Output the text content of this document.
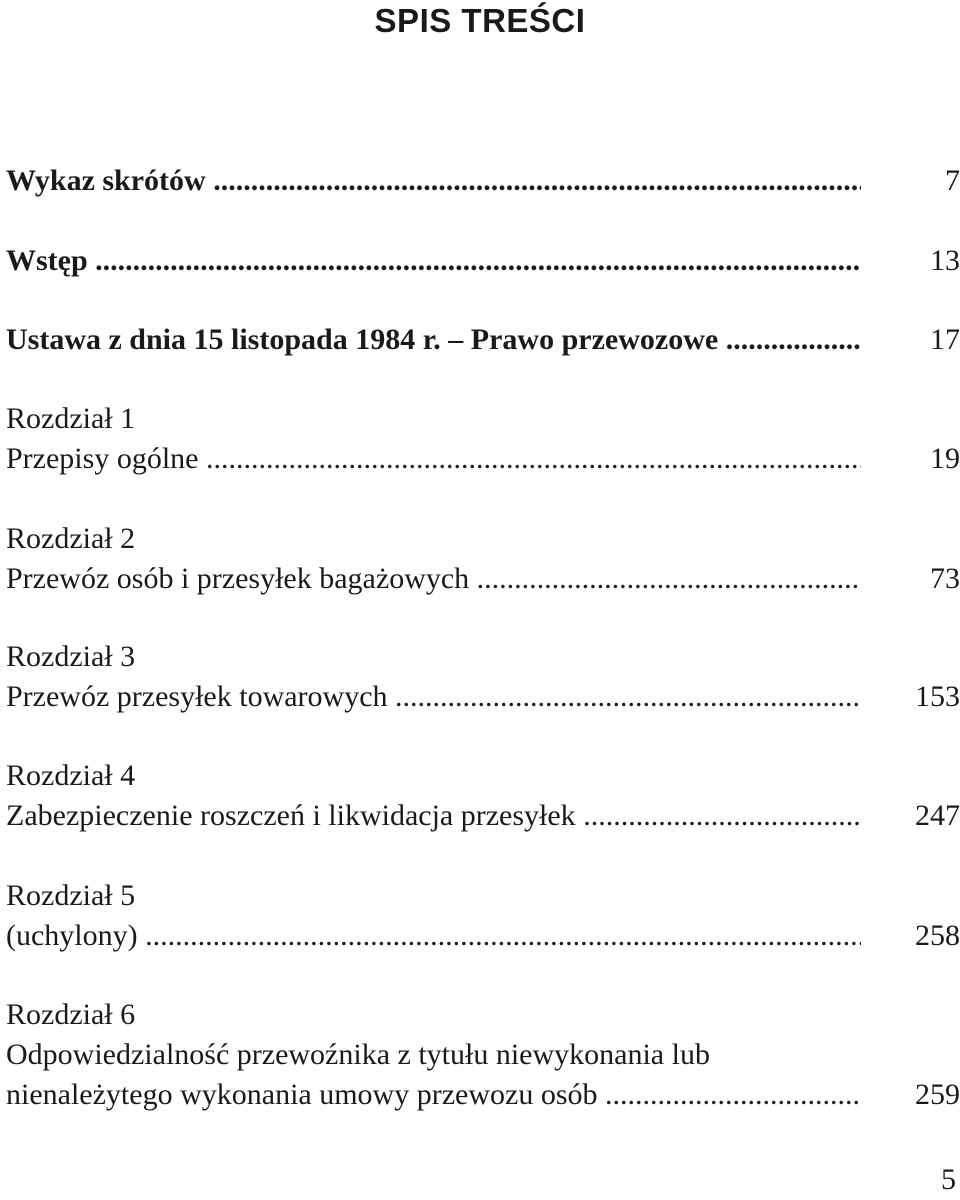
SPIS TREŚCI
Wykaz skrótów .....	7
Wstęp .....	13
Ustawa z dnia 15 listopada 1984 r. – Prawo przewozowe .....	17
Rozdział 1
Przepisy ogólne .....	19
Rozdział 2
Przewóz osób i przesyłek bagażowych .....	73
Rozdział 3
Przewóz przesyłek towarowych .....	153
Rozdział 4
Zabezpieczenie roszczeń i likwidacja przesyłek .....	247
Rozdział 5
(uchylony) .....	258
Rozdział 6
Odpowiedzialność przewoźnika z tytułu niewykonania lub
nienależytego wykonania umowy przewozu osób .....	259
5
